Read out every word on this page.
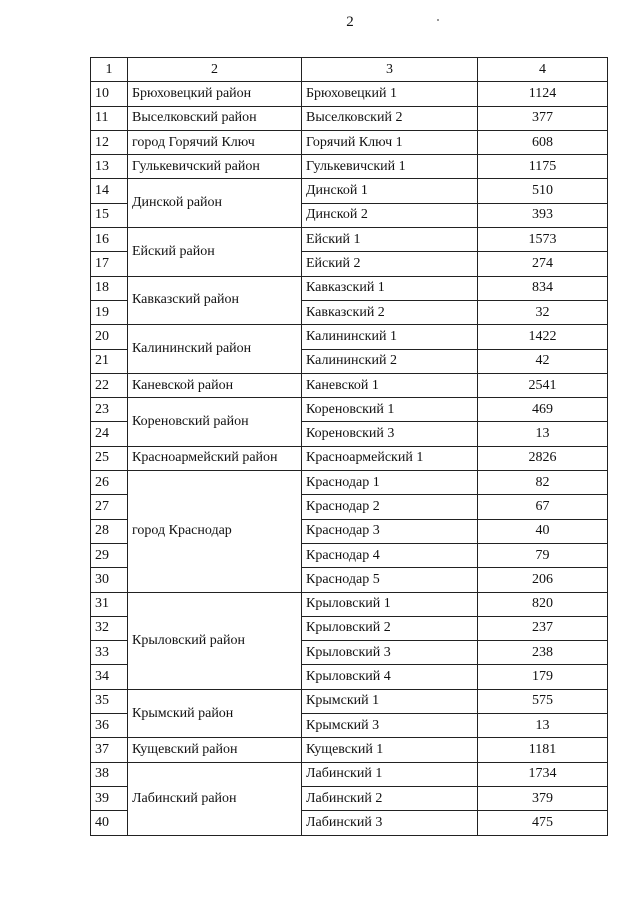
2
1	2	3	4
10	Брюховецкий район	Брюховецкий 1	1124
11	Выселковский район	Выселковский 2	377
12	город Горячий Ключ	Горячий Ключ 1	608
13	Гулькевичский район	Гулькевичский 1	1175
14	Динской район	Динской 1	510
15		Динской 2	393
16	Ейский район	Ейский 1	1573
17		Ейский 2	274
18	Кавказский район	Кавказский 1	834
19		Кавказский 2	32
20	Калининский район	Калининский 1	1422
21		Калининский 2	42
22	Каневской район	Каневской 1	2541
23	Кореновский район	Кореновский 1	469
24		Кореновский 3	13
25	Красноармейский район	Красноармейский 1	2826
26	город Краснодар	Краснодар 1	82
27		Краснодар 2	67
28		Краснодар 3	40
29		Краснодар 4	79
30		Краснодар 5	206
31	Крыловский район	Крыловский 1	820
32		Крыловский 2	237
33		Крыловский 3	238
34		Крыловский 4	179
35	Крымский район	Крымский 1	575
36		Крымский 3	13
37	Кущевский район	Кущевский 1	1181
38	Лабинский район	Лабинский 1	1734
39		Лабинский 2	379
40		Лабинский 3	475
